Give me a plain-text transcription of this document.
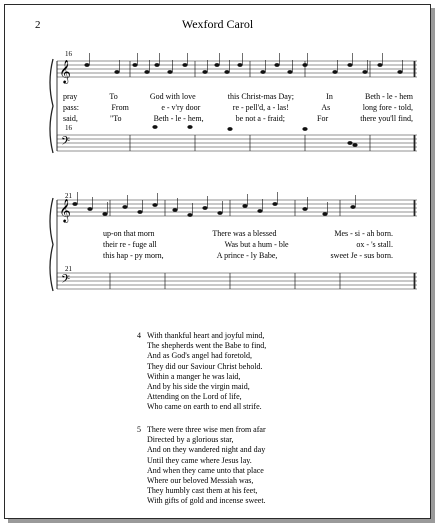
2	Wexford Carol
𝄞
𝄢
𝄞
𝄢
16
16
21
21
pray	To	God with love	this Christ-mas Day;	In	Beth - le - hem
pass:	From	e - v'ry door	re - pell'd, a - las!	As	long fore - told,
said,	"To	Beth - le - hem,	be not a - fraid;	For	there you'll find,
up-on that morn	There was a blessed	Mes - si - ah born.
their re - fuge all	Was but a hum - ble	ox - 's stall.
this hap - py morn,	A prince - ly Babe,	sweet Je - sus born.
4 With thankful heart and joyful mind,
The shepherds went the Babe to find,
And as God's angel had foretold,
They did our Saviour Christ behold.
Within a manger he was laid,
And by his side the virgin maid,
Attending on the Lord of life,
Who came on earth to end all strife.
5 There were three wise men from afar
Directed by a glorious star,
And on they wandered night and day
Until they came where Jesus lay.
And when they came unto that place
Where our beloved Messiah was,
They humbly cast them at his feet,
With gifts of gold and incense sweet.
